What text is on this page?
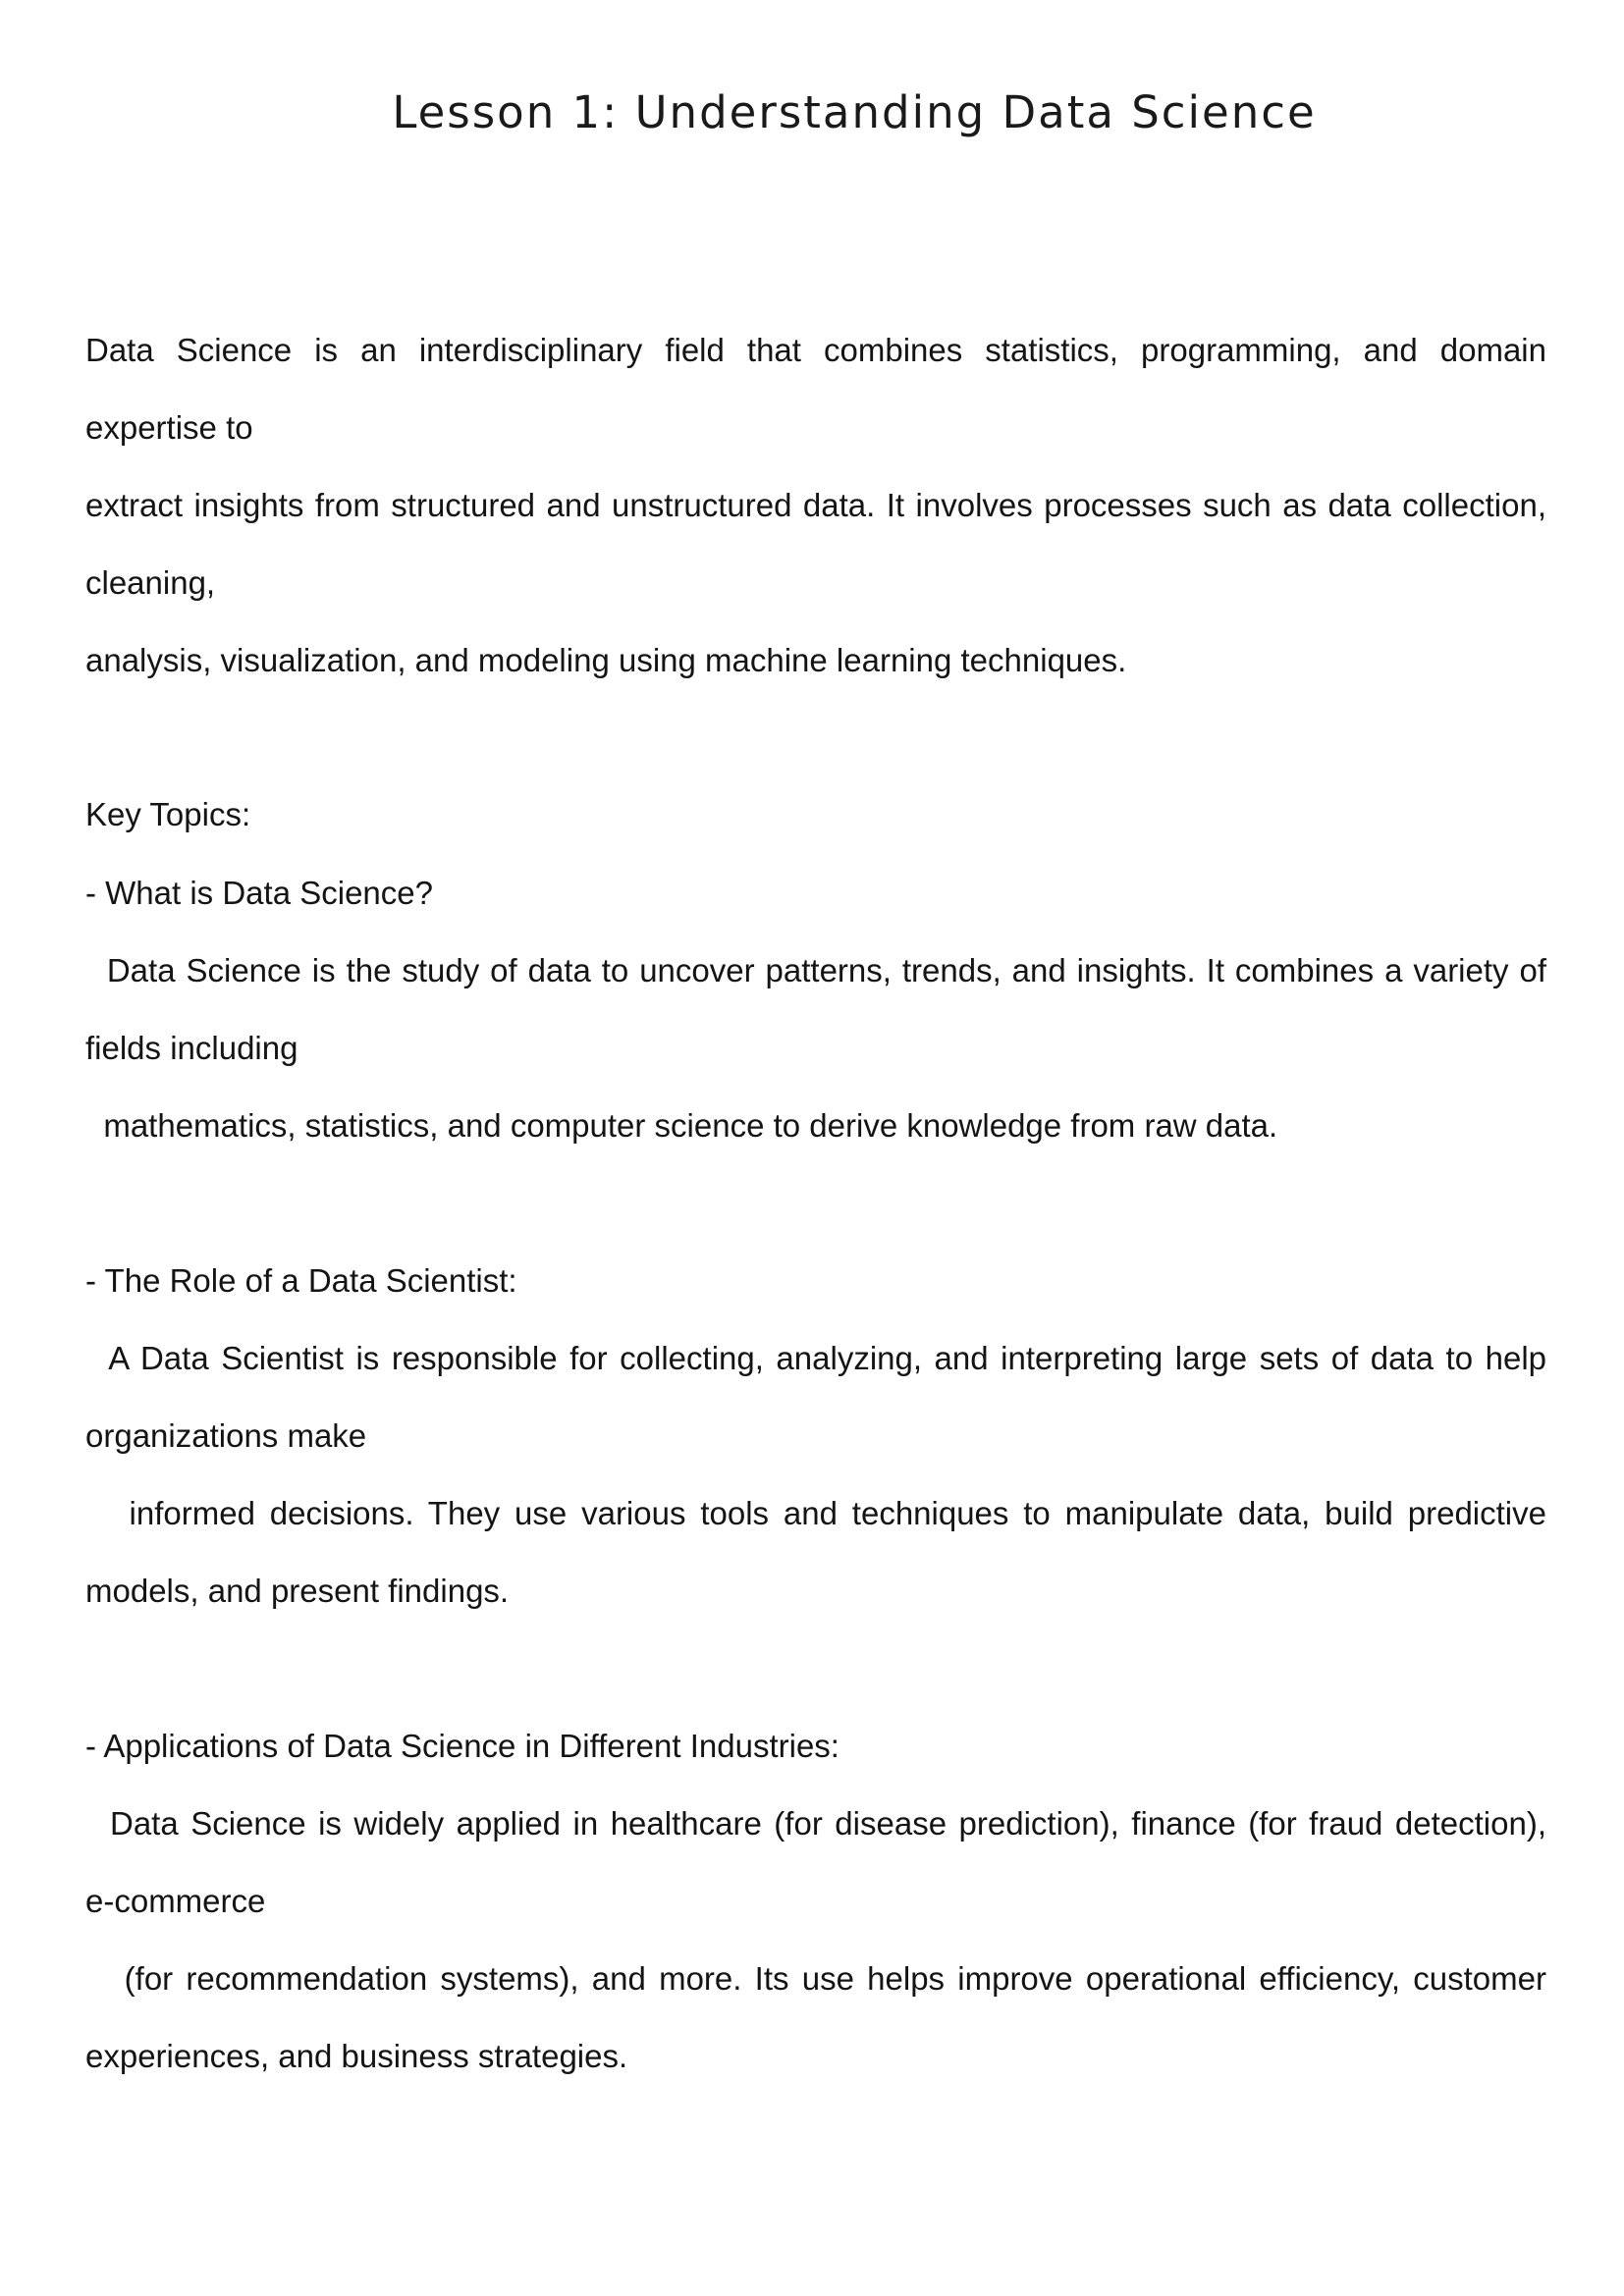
Lesson 1: Understanding Data Science
Data Science is an interdisciplinary field that combines statistics, programming, and domain
expertise to
extract insights from structured and unstructured data. It involves processes such as data collection,
cleaning,
analysis, visualization, and modeling using machine learning techniques.
Key Topics:
- What is Data Science?
Data Science is the study of data to uncover patterns, trends, and insights. It combines a variety of
fields including
mathematics, statistics, and computer science to derive knowledge from raw data.
- The Role of a Data Scientist:
A Data Scientist is responsible for collecting, analyzing, and interpreting large sets of data to help
organizations make
informed decisions. They use various tools and techniques to manipulate data, build predictive
models, and present findings.
- Applications of Data Science in Different Industries:
Data Science is widely applied in healthcare (for disease prediction), finance (for fraud detection),
e-commerce
(for recommendation systems), and more. Its use helps improve operational efficiency, customer
experiences, and business strategies.
